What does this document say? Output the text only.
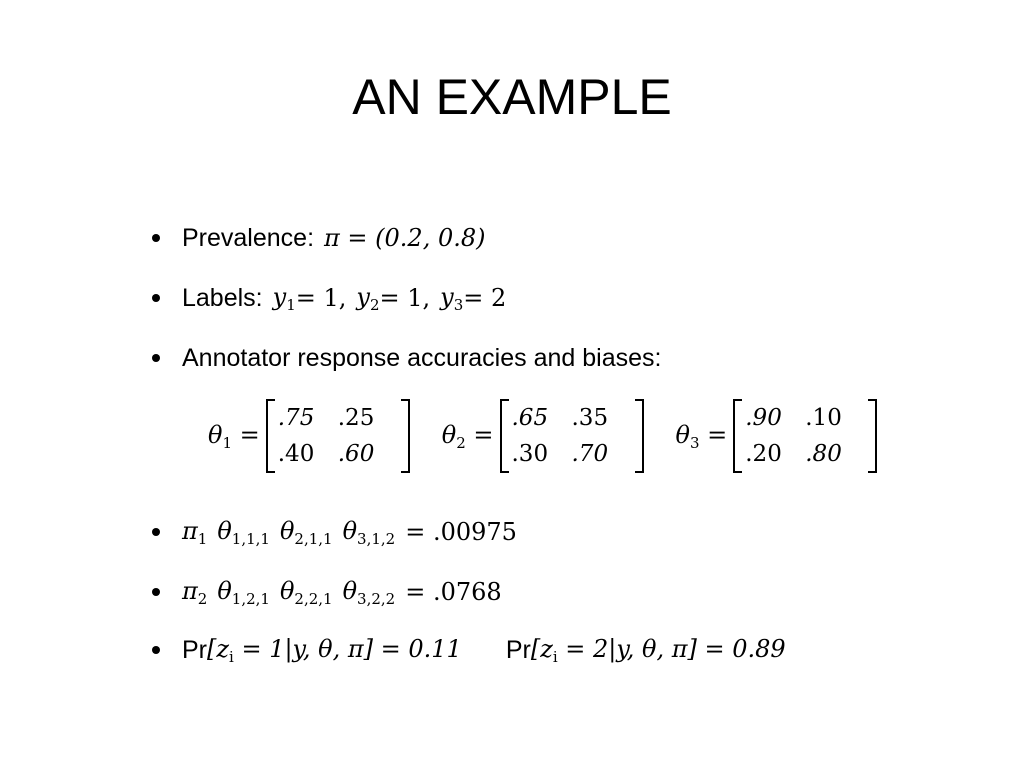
AN EXAMPLE
Prevalence: π = (0.2, 0.8)
Labels: $y_1 = 1$, $y_2 = 1$, $y_3 = 2$
Annotator response accuracies and biases:
$\theta_1$ =
.75	.25
.40	.60
$\theta_2$ =
.65	.35
.30	.70
$\theta_3$ =
.90	.10
.20	.80
$\pi_1$ $\theta_{1,1,1}$ $\theta_{2,1,1}$ $\theta_{3,1,2} = .00975$
$\pi_2$ $\theta_{1,2,1}$ $\theta_{2,2,1}$ $\theta_{3,2,2} = .0768$
Pr [$z_i = 1|y$, θ, π] = 0.11 Pr [$z_i = 2|y$, θ, π] = 0.89
